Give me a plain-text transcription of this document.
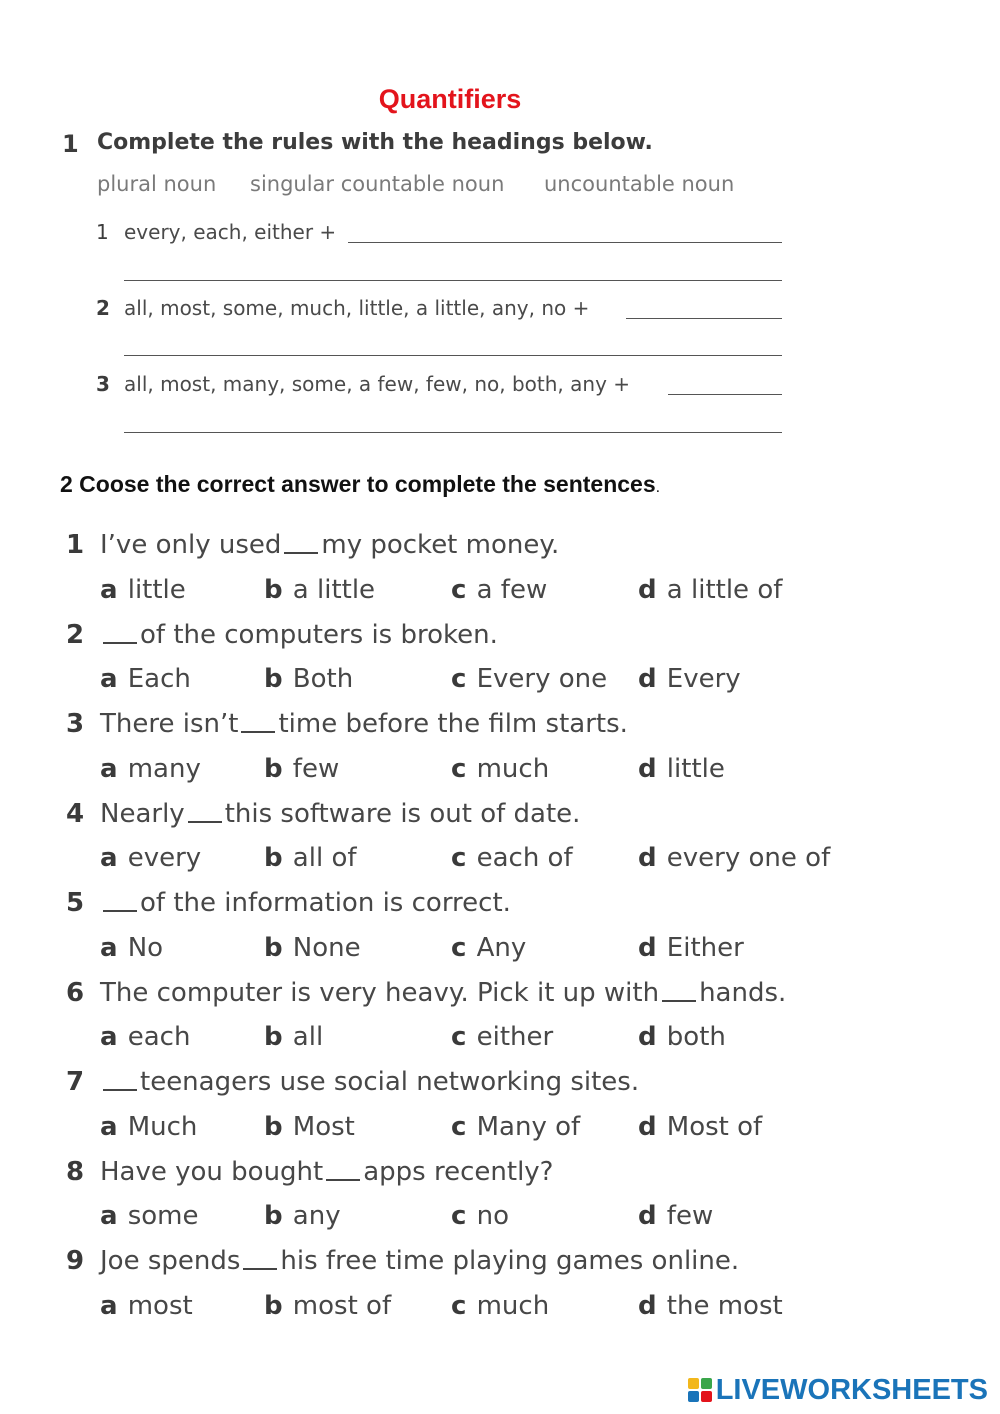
Quantifiers
1 Complete the rules with the headings below.
plural noun singular countable noun uncountable noun
1 every, each, either +
2 all, most, some, much, little, a little, any, no +
3 all, most, many, some, a few, few, no, both, any +
2 Coose the correct answer to complete the sentences.
1 I’ve only used my pocket money.
a little	b a little	c a few	d a little of
2	of the computers is broken.
a Each	b Both	c Every one d Every
3 There isn’t time before the film starts.
a many b few	c much	d little
4 Nearly this software is out of date.
a every b all of	c each of	d every one of
5	of the information is correct.
a No	b None	c Any	d Either
6 The computer is very heavy. Pick it up with hands.
a each	b all	c either	d both
7	teenagers use social networking sites.
a Much	b Most	c Many of d Most of
8 Have you bought apps recently?
a some	b any	c no	d few
9 Joe spends his free time playing games online.
a most	b most of c much	d the most
LIVEWORKSHEETS
